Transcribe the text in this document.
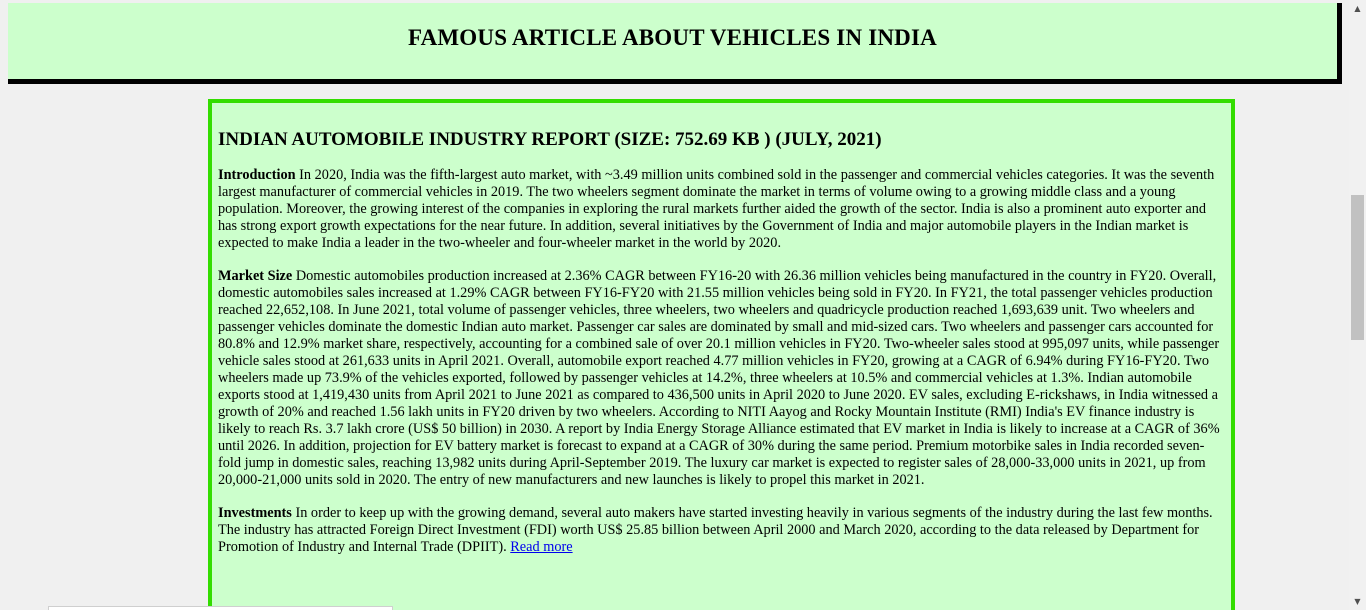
FAMOUS ARTICLE ABOUT VEHICLES IN INDIA
INDIAN AUTOMOBILE INDUSTRY REPORT (SIZE: 752.69 KB ) (JULY, 2021)

Introduction In 2020, India was the fifth-largest auto market, with ~3.49 million units combined sold in the passenger and commercial vehicles categories. It was the seventh largest manufacturer of commercial vehicles in 2019. The two wheelers segment dominate the market in terms of volume owing to a growing middle class and a young population. Moreover, the growing interest of the companies in exploring the rural markets further aided the growth of the sector. India is also a prominent auto exporter and has strong export growth expectations for the near future. In addition, several initiatives by the Government of India and major automobile players in the Indian market is expected to make India a leader in the two-wheeler and four-wheeler market in the world by 2020.

Market Size Domestic automobiles production increased at 2.36% CAGR between FY16-20 with 26.36 million vehicles being manufactured in the country in FY20. Overall, domestic automobiles sales increased at 1.29% CAGR between FY16-FY20 with 21.55 million vehicles being sold in FY20. In FY21, the total passenger vehicles production reached 22,652,108. In June 2021, total volume of passenger vehicles, three wheelers, two wheelers and quadricycle production reached 1,693,639 unit. Two wheelers and passenger vehicles dominate the domestic Indian auto market. Passenger car sales are dominated by small and mid-sized cars. Two wheelers and passenger cars accounted for 80.8% and 12.9% market share, respectively, accounting for a combined sale of over 20.1 million vehicles in FY20. Two-wheeler sales stood at 995,097 units, while passenger vehicle sales stood at 261,633 units in April 2021. Overall, automobile export reached 4.77 million vehicles in FY20, growing at a CAGR of 6.94% during FY16-FY20. Two wheelers made up 73.9% of the vehicles exported, followed by passenger vehicles at 14.2%, three wheelers at 10.5% and commercial vehicles at 1.3%. Indian automobile exports stood at 1,419,430 units from April 2021 to June 2021 as compared to 436,500 units in April 2020 to June 2020. EV sales, excluding E-rickshaws, in India witnessed a growth of 20% and reached 1.56 lakh units in FY20 driven by two wheelers. According to NITI Aayog and Rocky Mountain Institute (RMI) India's EV finance industry is likely to reach Rs. 3.7 lakh crore (US$ 50 billion) in 2030. A report by India Energy Storage Alliance estimated that EV market in India is likely to increase at a CAGR of 36% until 2026. In addition, projection for EV battery market is forecast to expand at a CAGR of 30% during the same period. Premium motorbike sales in India recorded seven-fold jump in domestic sales, reaching 13,982 units during April-September 2019. The luxury car market is expected to register sales of 28,000-33,000 units in 2021, up from 20,000-21,000 units sold in 2020. The entry of new manufacturers and new launches is likely to propel this market in 2021.

Investments In order to keep up with the growing demand, several auto makers have started investing heavily in various segments of the industry during the last few months. The industry has attracted Foreign Direct Investment (FDI) worth US$ 25.85 billion between April 2000 and March 2020, according to the data released by Department for Promotion of Industry and Internal Trade (DPIIT). Read more

▲
▼
